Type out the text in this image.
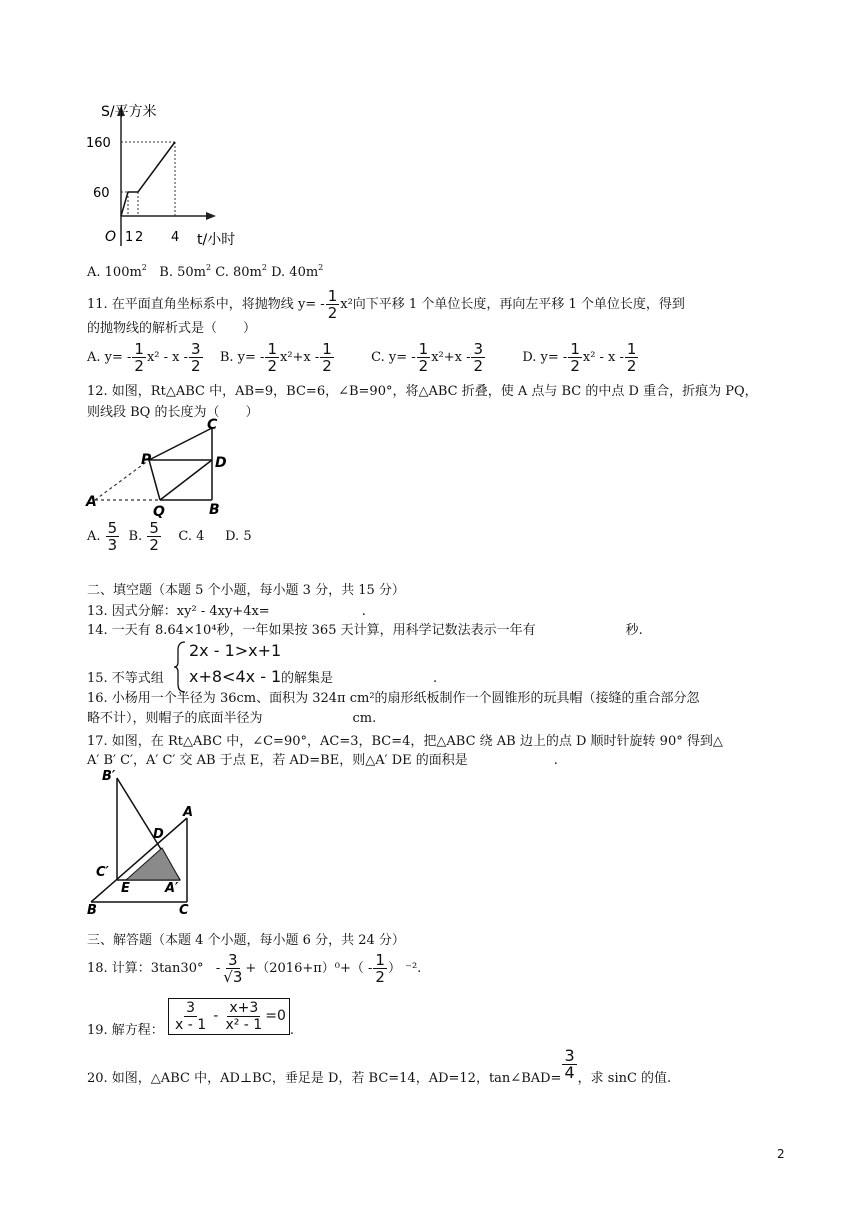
S/平方米
160
60
O 1 2 4 t/小时
A. $100m^2$ B. $50m^2$ C. $80m^2$ D. $40m^2$
11. 在平面直角坐标系中，将抛物线 $y= - \frac{1}{2} x^2$向下平移 1 个单位长度，再向左平移 1 个单位长度，得到
的抛物线的解析式是（　　）
A. $y= - \frac{1}{2} x^2 - x - \frac{3}{2} B$. $y= - \frac{1}{2} x^2+x - \frac{1}{2}$	C. $y= - \frac{1}{2} x^2+x - \frac{3}{2}$	D. $y= - \frac{1}{2} x^2 - x - \frac{1}{2}$
12. 如图，Rt△ABC 中，AB=9，BC=6，∠B=90°，将△ABC 折叠，使 A 点与 BC 的中点 D 重合，折痕为 PQ，
则线段 BQ 的长度为（　　）
C
P	D
A
Q	B
A. $\frac{5}{3} B$. $\frac{5}{2} C$. 4 D. 5
二、填空题（本题 5 个小题，每小题 3 分，共 15 分）
13. 因式分解：xy² - 4xy+4x=	.
14. 一天有 8.64×10⁴秒，一年如果按 365 天计算，用科学记数法表示一年有	秒.
15. 不等式组
2x - 1>x+1
x+8<4x - 1 的解集是	.
16. 小杨用一个半径为 36cm、面积为 324π cm²的扇形纸板制作一个圆锥形的玩具帽（接缝的重合部分忽
略不计），则帽子的底面半径为	cm.
17. 如图，在 Rt△ABC 中，∠C=90°，AC=3，BC=4，把△ABC 绕 AB 边上的点 D 顺时针旋转 90° 得到△
A′ B′ C′，A′ C′ 交 AB 于点 E，若 AD=BE，则△A′ DE 的面积是	.
B′
A
D
C′
E	A′
B	C
三、解答题（本题 4 个小题，每小题 6 分，共 24 分）
18. 计算：$3\tan 30^\circ - \frac{3}{√3} +(2016+\pi)^0+( - \frac{1}{2}$ ） ⁻².
19. 解方程： $\frac{3}{x - 1} - \frac{x+3}{\text{x² - 1}} =0$.
20. 如图，△ABC 中，AD⊥BC，垂足是 D，若 BC=14，AD=12，tan∠BAD= $\frac{3}{4}$ ，求 sinC 的值.
2
